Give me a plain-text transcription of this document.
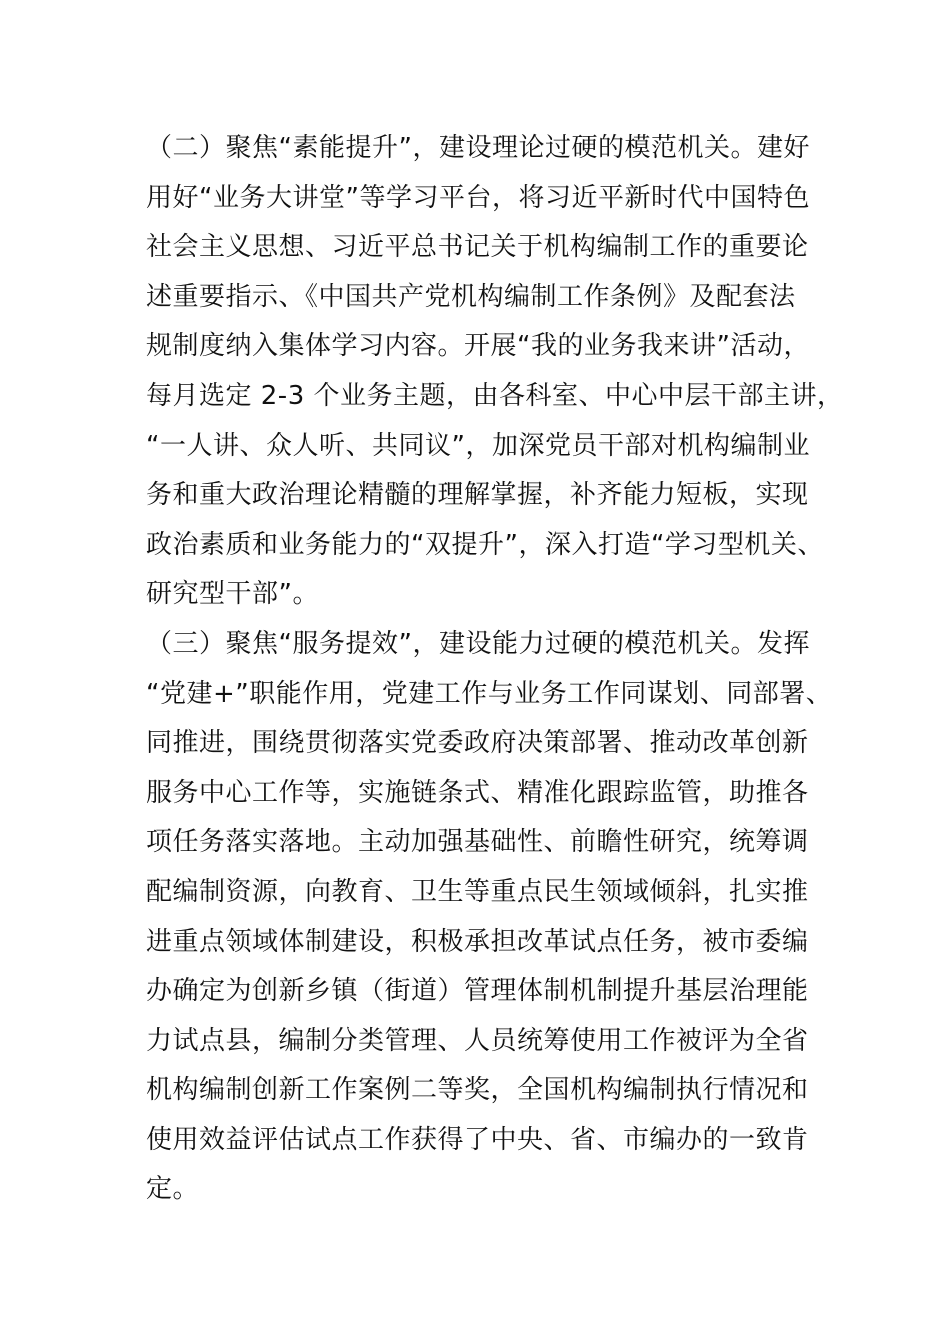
（二）聚焦“素能提升”，建设理论过硬的模范机关。建好
用好“业务大讲堂”等学习平台，将习近平新时代中国特色
社会主义思想、习近平总书记关于机构编制工作的重要论
述重要指示、《中国共产党机构编制工作条例》及配套法
规制度纳入集体学习内容。开展“我的业务我来讲”活动，
每月选定 2-3 个业务主题，由各科室、中心中层干部主讲，
“一人讲、众人听、共同议”，加深党员干部对机构编制业
务和重大政治理论精髓的理解掌握，补齐能力短板，实现
政治素质和业务能力的“双提升”，深入打造“学习型机关、
研究型干部”。
（三）聚焦“服务提效”，建设能力过硬的模范机关。发挥
“党建+”职能作用，党建工作与业务工作同谋划、同部署、
同推进，围绕贯彻落实党委政府决策部署、推动改革创新
服务中心工作等，实施链条式、精准化跟踪监管，助推各
项任务落实落地。主动加强基础性、前瞻性研究，统筹调
配编制资源，向教育、卫生等重点民生领域倾斜，扎实推
进重点领域体制建设，积极承担改革试点任务，被市委编
办确定为创新乡镇（街道）管理体制机制提升基层治理能
力试点县，编制分类管理、人员统筹使用工作被评为全省
机构编制创新工作案例二等奖，全国机构编制执行情况和
使用效益评估试点工作获得了中央、省、市编办的一致肯
定。
